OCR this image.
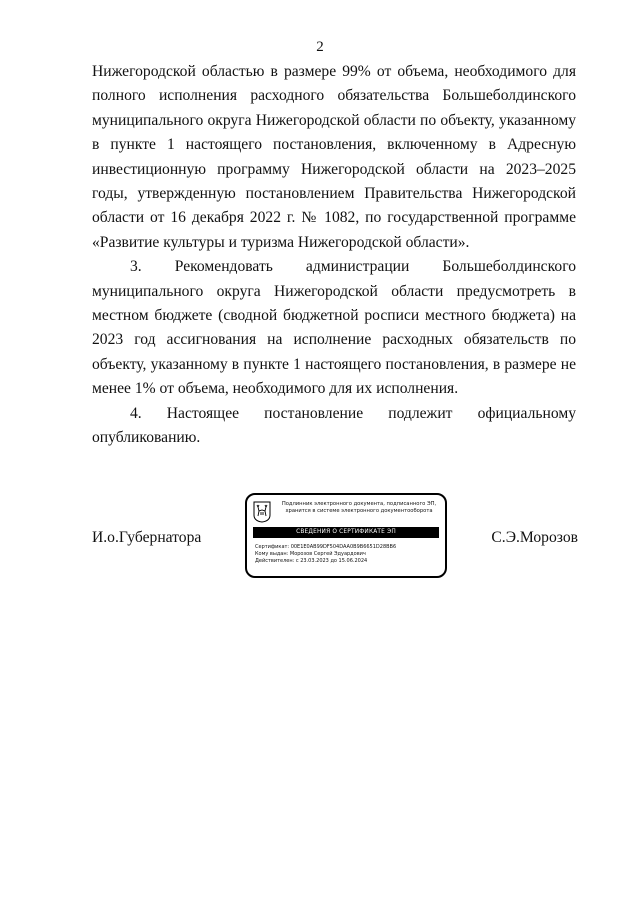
2

Нижегородской областью в размере 99% от объема, необходимого для полного исполнения расходного обязательства Большеболдинского муниципального округа Нижегородской области по объекту, указанному в пункте 1 настоящего постановления, включенному в Адресную инвестиционную программу Нижегородской области на 2023–2025 годы, утвержденную постановлением Правительства Нижегородской области от 16 декабря 2022 г. № 1082, по государственной программе «Развитие культуры и туризма Нижегородской области».

3. Рекомендовать администрации Большеболдинского муниципального округа Нижегородской области предусмотреть в местном бюджете (сводной бюджетной росписи местного бюджета) на 2023 год ассигнования на исполнение расходных обязательств по объекту, указанному в пункте 1 настоящего постановления, в размере не менее 1% от объема, необходимого для их исполнения.

4. Настоящее постановление подлежит официальному опубликованию.

И.о.Губернатора	С.Э.Морозов
Подлинник электронного документа, подписанного ЭП,
хранится в системе электронного документооборота
СВЕДЕНИЯ О СЕРТИФИКАТЕ ЭП
Сертификат: 00E1E0AB99DF504DAA0B9B6651D28BB6
Кому выдан: Морозов Сергей Эдуардович
Действителен: с 23.03.2023 до 15.06.2024
